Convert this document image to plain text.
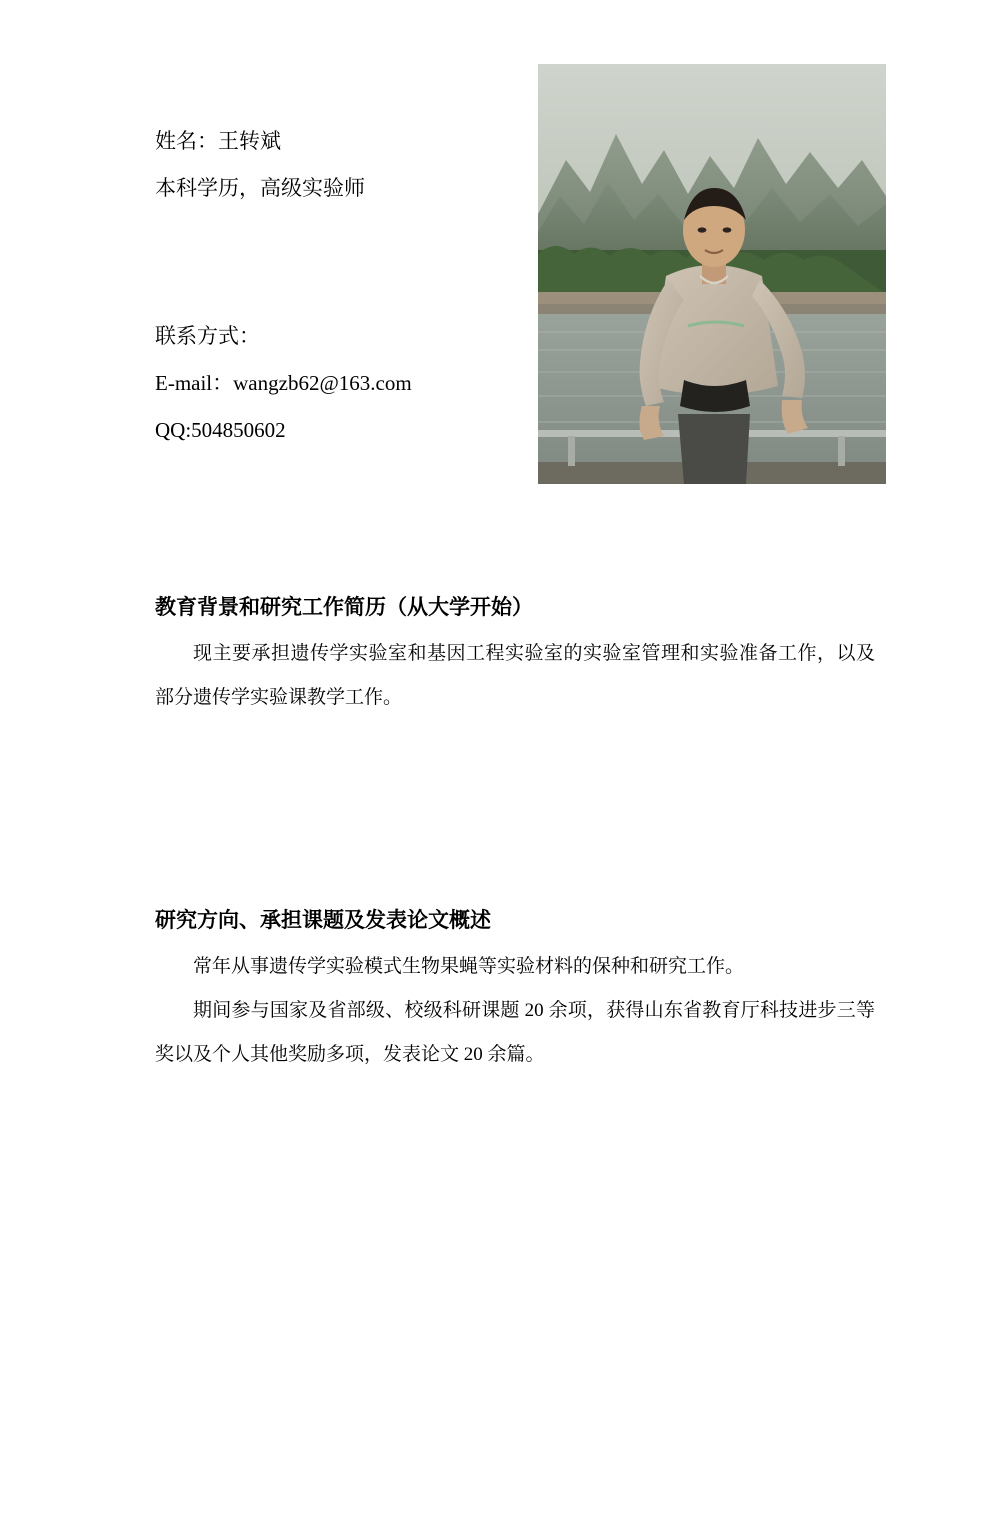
姓名：王转斌
本科学历，高级实验师
联系方式：
E-mail：wangzb62@163.com
QQ:504850602
教育背景和研究工作简历（从大学开始）
现主要承担遗传学实验室和基因工程实验室的实验室管理和实验准备工作，以及部分遗传学实验课教学工作。
研究方向、承担课题及发表论文概述
常年从事遗传学实验模式生物果蝇等实验材料的保种和研究工作。
期间参与国家及省部级、校级科研课题 20 余项，获得山东省教育厅科技进步三等奖以及个人其他奖励多项，发表论文 20 余篇。
